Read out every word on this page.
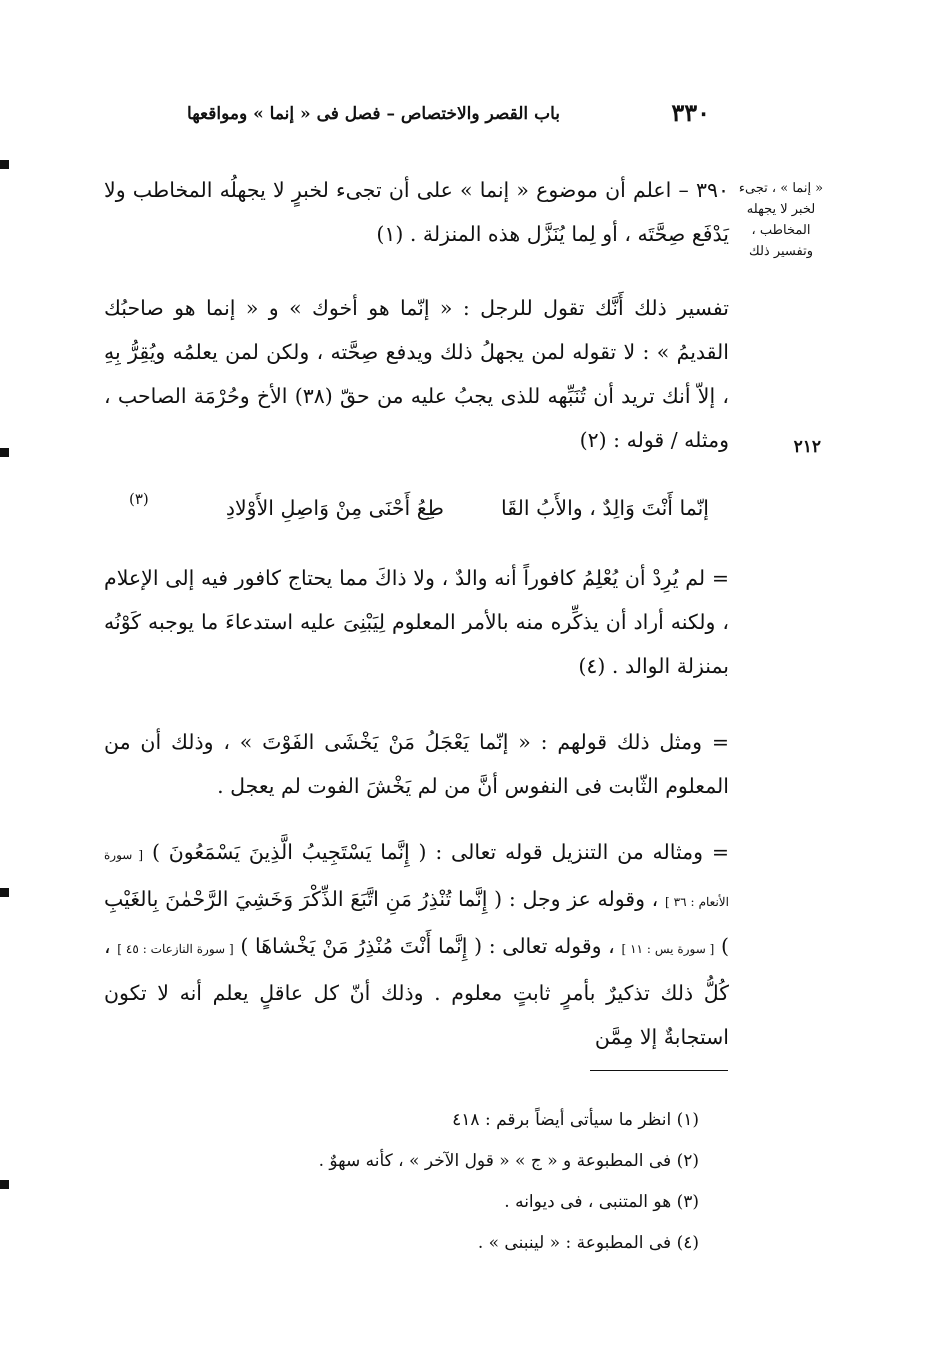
٣٣٠
باب القصر والاختصاص – فصل فى « إنما » ومواقعها
« إنما » ، تجىء لخبر لا يجهله المخاطب ، وتفسير ذلك
٢١٢

٣٩٠ – اعلم أن موضوع « إنما » على أن تجىء لخبرٍ لا يجهلُه المخاطب ولا يَدْفَع صِحَّتَه ، أو لِما يُنَزَّل هذه المنزلة . (١)

تفسير ذلك أَنَّك تقول للرجل : « إنّما هو أخوك » و « إنما هو صاحبُك القديمُ » : لا تقوله لمن يجهلُ ذلك ويدفع صِحَّته ، ولكن لمن يعلمُه ويُقِرُّ بِهِ ، إلاّ أنك تريد أن تُنَبِّهه للذى يجبُ عليه من حقّ (٣٨) الأخ وحُرْمَة الصاحب ، ومثله / قوله : (٢)

إنّما أَنْتَ وَالِدٌ ، والأَبُ القَا
طِعُ أَحْنَى مِنْ وَاصِلِ الأَوْلادِ
(٣)

= لم يُرِدْ أن يُعْلِمُ كافوراً أنه والدٌ ، ولا ذاكَ مما يحتاج كافور فيه إلى الإعلام ، ولكنه أراد أن يذكِّره منه بالأمر المعلوم لِيَبْنِىَ عليه استدعاءَ ما يوجبه كَوْنُه بمنزلة الوالد . (٤)

= ومثل ذلك قولهم : « إنّما يَعْجَلُ مَنْ يَخْشَى الفَوْتَ » ، وذلك أن من المعلوم الثّابت فى النفوس أنَّ من لم يَخْشَ الفوت لم يعجل .

= ومثاله من التنزيل قوله تعالى : ( إِنَّما يَسْتَجِيبُ الَّذِينَ يَسْمَعُونَ ) [ سورة الأنعام : ٣٦ ] ، وقوله عز وجل : ( إِنَّما تُنْذِرُ مَنِ اتَّبَعَ الذِّكْرَ وَخَشِيَ الرَّحْمٰنَ بِالغَيْبِ ) [ سورة يس : ١١ ] ، وقوله تعالى : ( إِنَّما أَنْتَ مُنْذِرُ مَنْ يَخْشاهَا ) [ سورة النازعات : ٤٥ ] ، كُلُّ ذلك تذكيرٌ بأمرٍ ثابتٍ معلوم . وذلك أنّ كل عاقلٍ يعلم أنه لا تكون استجابةٌ إلا مِمَّن

(١) انظر ما سيأتى أيضاً برقم : ٤١٨
(٢) فى المطبوعة و « ج » « قول الآخر » ، كأنه سهوٌ .
(٣) هو المتنبى ، فى ديوانه .
(٤) فى المطبوعة : « لينبنى » .
